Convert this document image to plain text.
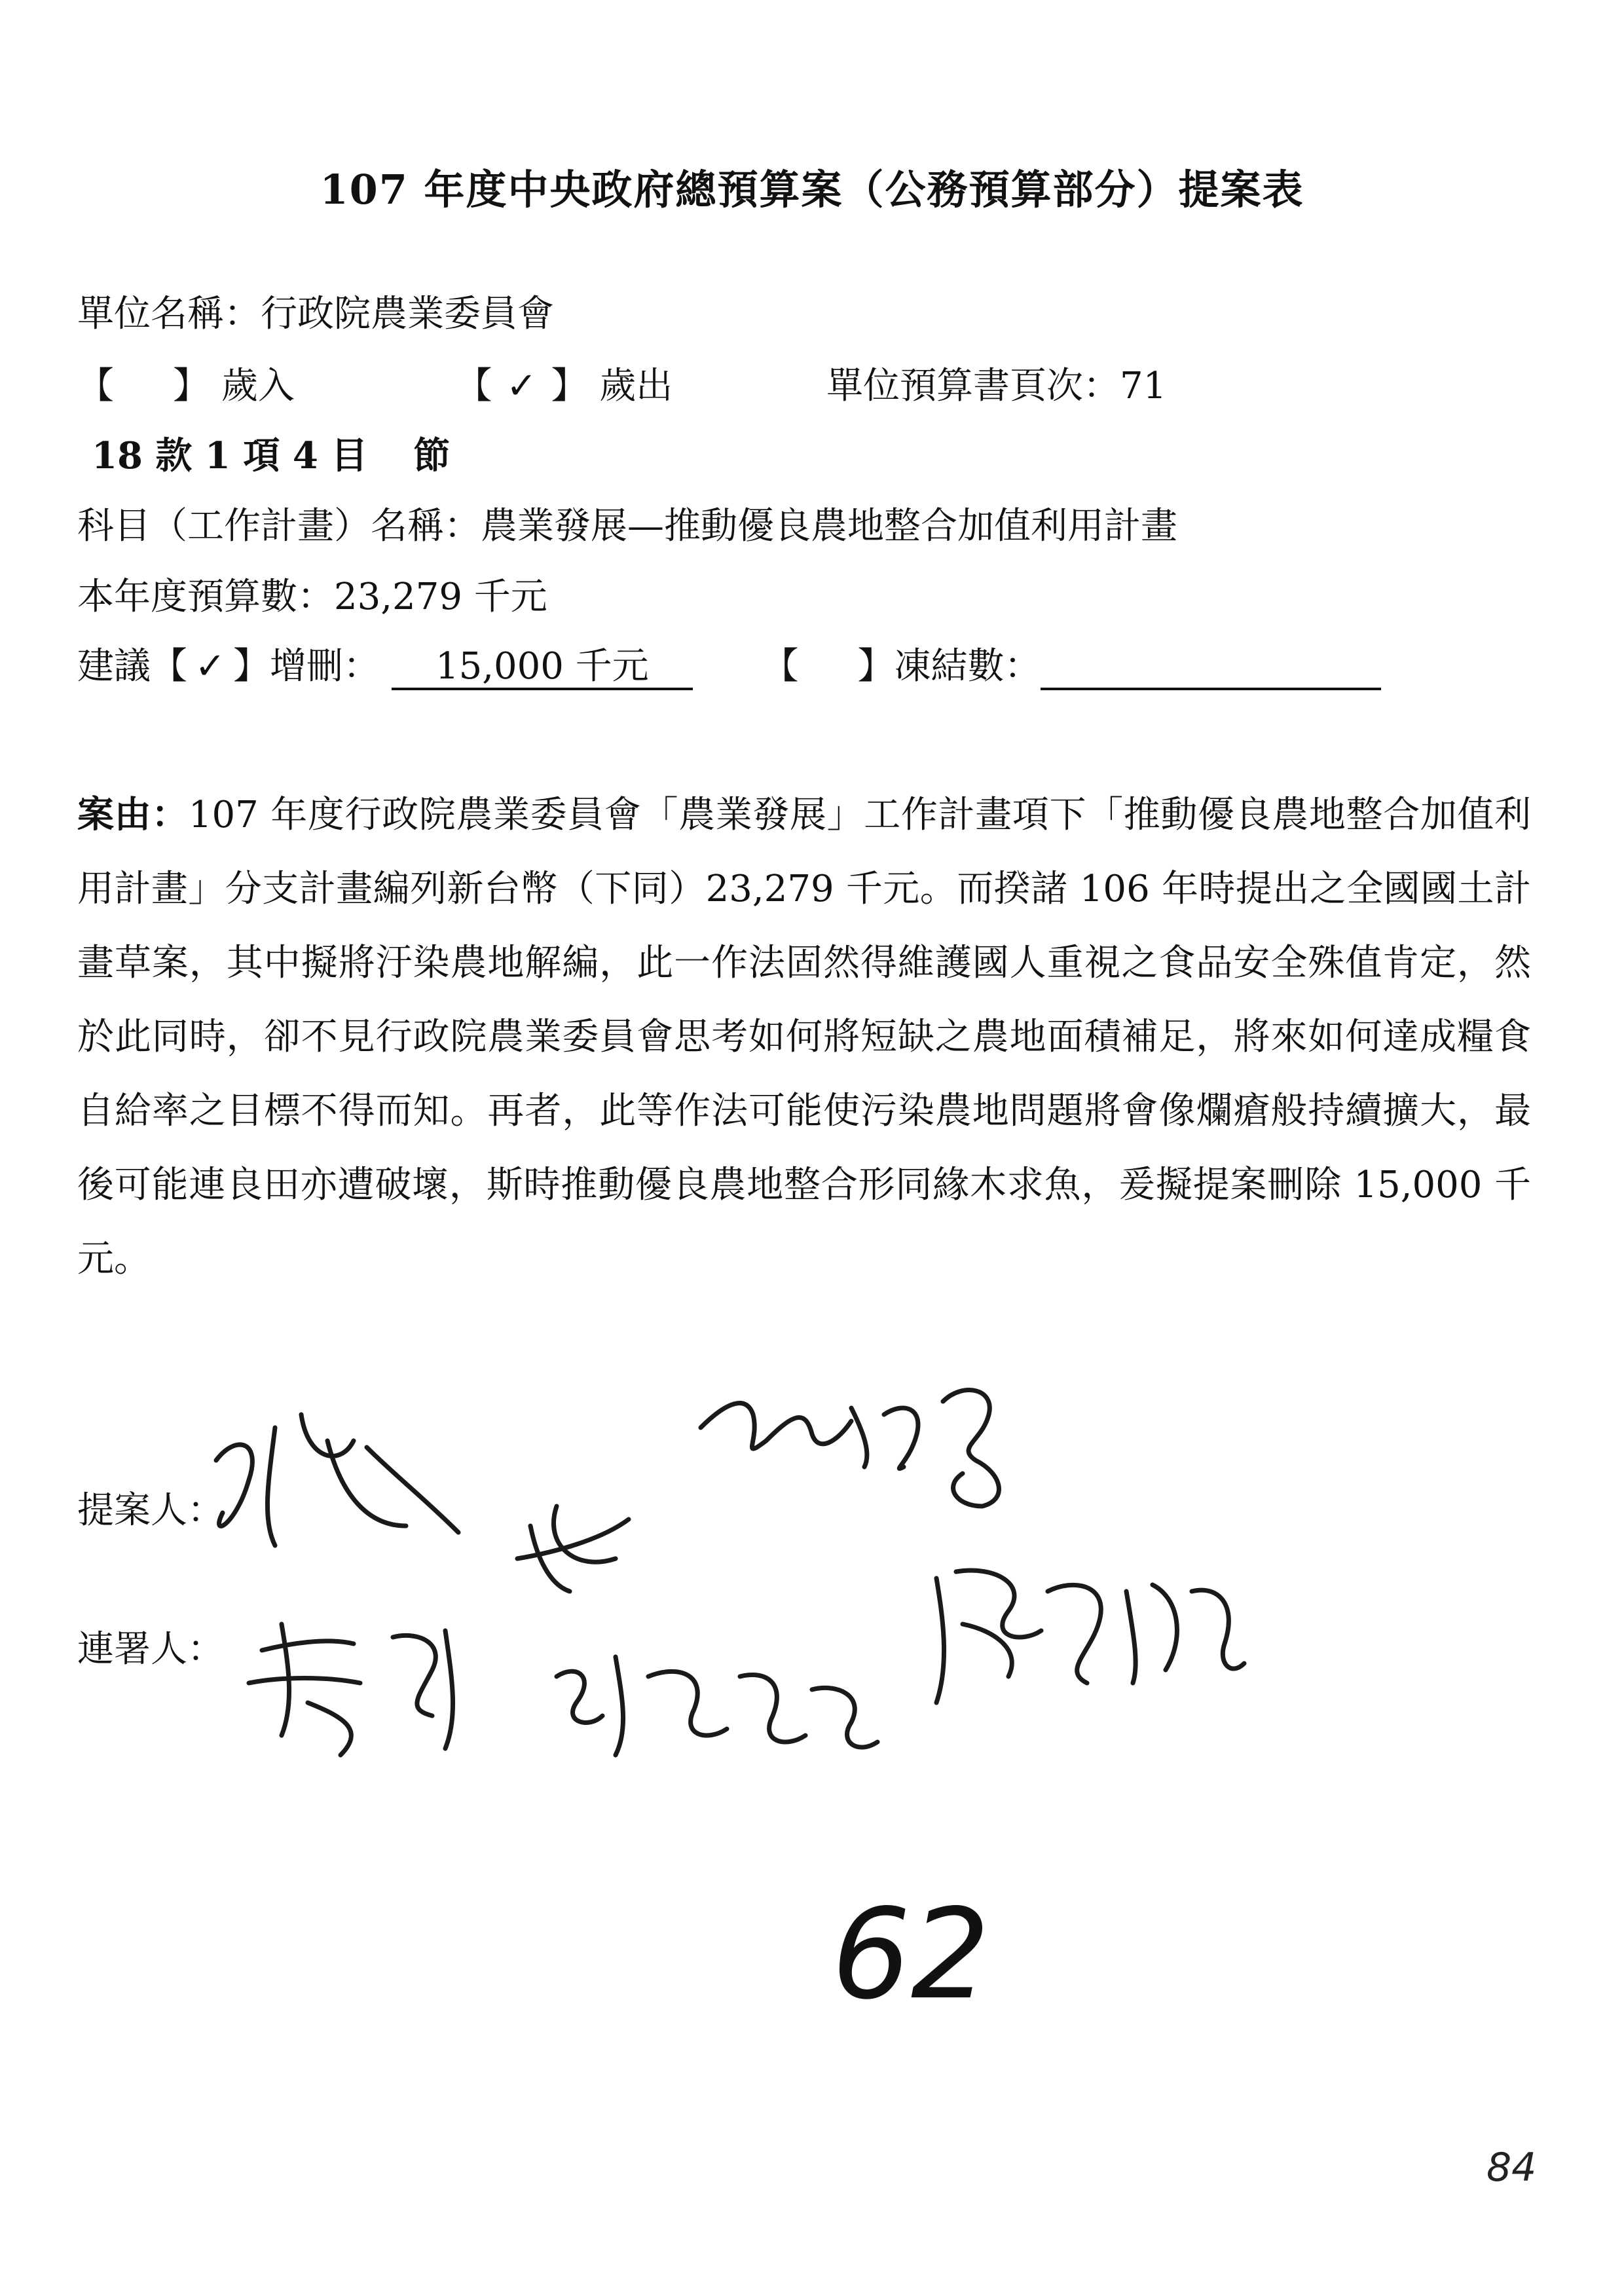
107 年度中央政府總預算案（公務預算部分）提案表
單位名稱：行政院農業委員會
【 】 歲入	【 ✓ 】 歲出	單位預算書頁次：71
18 款 1 項 4 目 節
科目（工作計畫）名稱：農業發展—推動優良農地整合加值利用計畫
本年度預算數：23,279 千元
建議【 ✓ 】增刪： 15,000 千元	【 】凍結數：
案由：107 年度行政院農業委員會「農業發展」工作計畫項下「推動優良農地整合加值利用計畫」分支計畫編列新台幣（下同）23,279 千元。而揆諸 106 年時提出之全國國土計畫草案，其中擬將汙染農地解編，此一作法固然得維護國人重視之食品安全殊值肯定，然於此同時，卻不見行政院農業委員會思考如何將短缺之農地面積補足，將來如何達成糧食自給率之目標不得而知。再者，此等作法可能使污染農地問題將會像爛瘡般持續擴大，最後可能連良田亦遭破壞，斯時推動優良農地整合形同緣木求魚，爰擬提案刪除 15,000 千元。
提案人：
連署人：
62
84
